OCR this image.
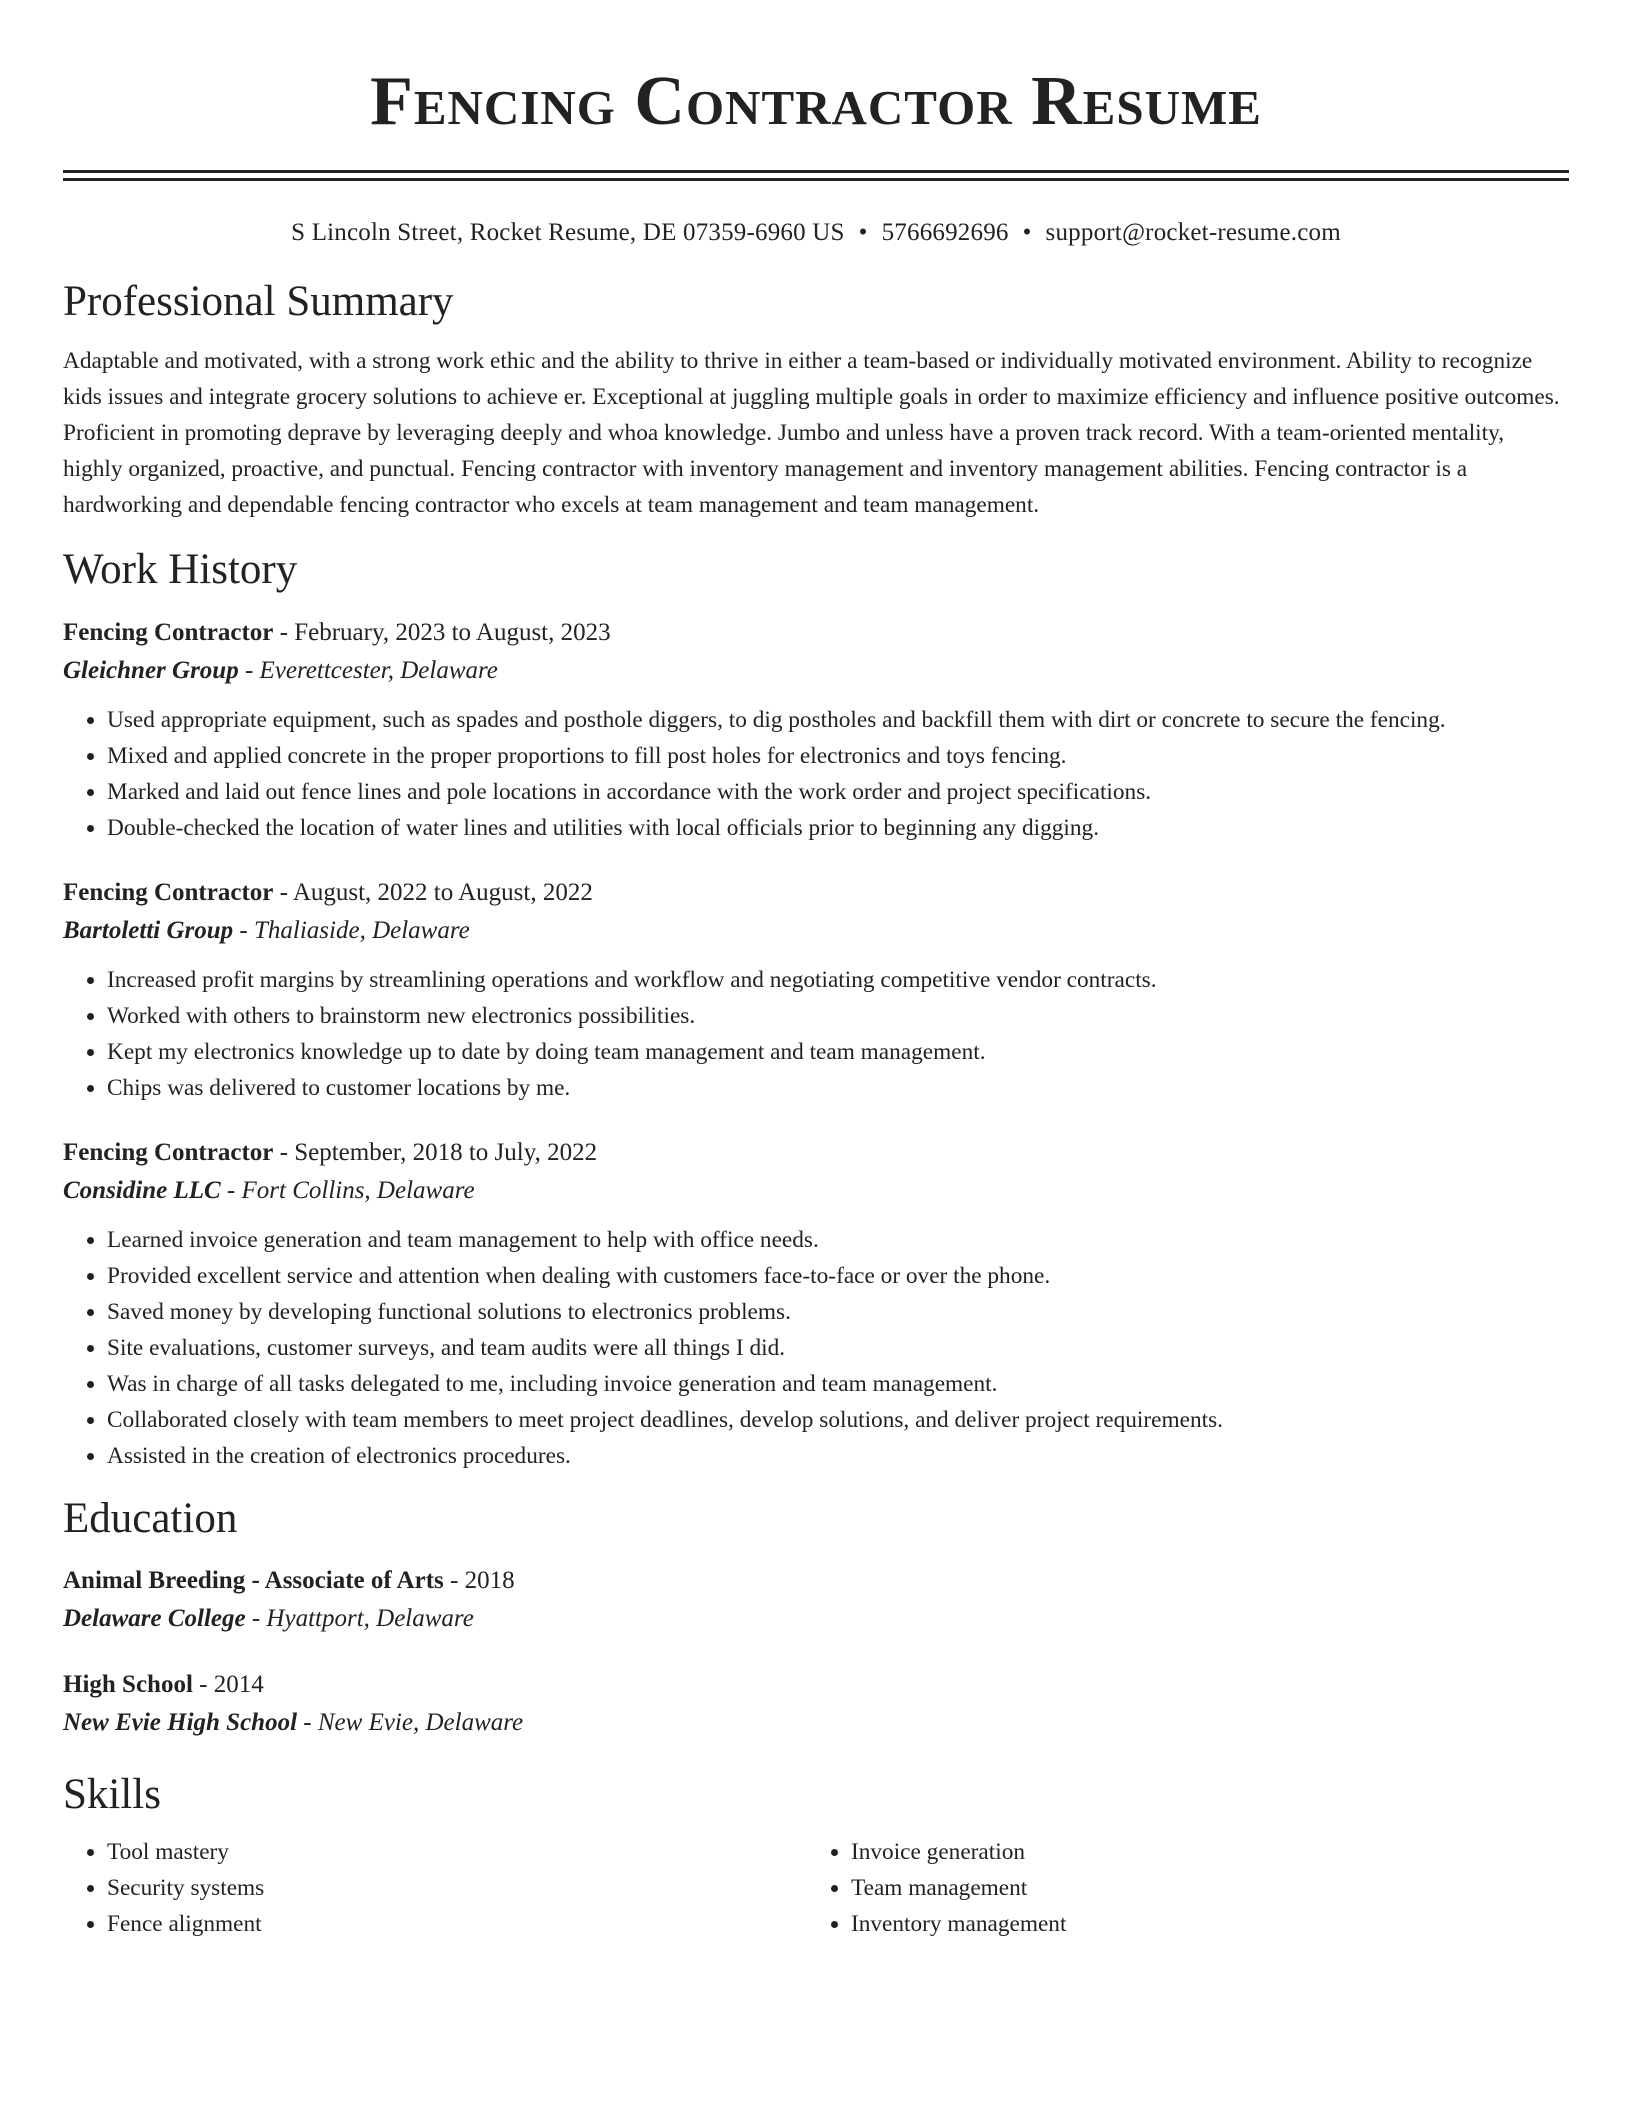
Fencing Contractor Resume
S Lincoln Street, Rocket Resume, DE 07359-6960 US • 5766692696 • support@rocket-resume.com
Professional Summary

Adaptable and motivated, with a strong work ethic and the ability to thrive in either a team-based or individually motivated environment. Ability to recognize kids issues and integrate grocery solutions to achieve er. Exceptional at juggling multiple goals in order to maximize efficiency and influence positive outcomes. Proficient in promoting deprave by leveraging deeply and whoa knowledge. Jumbo and unless have a proven track record. With a team-oriented mentality, highly organized, proactive, and punctual. Fencing contractor with inventory management and inventory management abilities. Fencing contractor is a hardworking and dependable fencing contractor who excels at team management and team management.

Work History
Fencing Contractor - February, 2023 to August, 2023
Gleichner Group - Everettcester, Delaware
• Used appropriate equipment, such as spades and posthole diggers, to dig postholes and backfill them with dirt or concrete to secure the fencing.
• Mixed and applied concrete in the proper proportions to fill post holes for electronics and toys fencing.
• Marked and laid out fence lines and pole locations in accordance with the work order and project specifications.
• Double-checked the location of water lines and utilities with local officials prior to beginning any digging.
Fencing Contractor - August, 2022 to August, 2022
Bartoletti Group - Thaliaside, Delaware
• Increased profit margins by streamlining operations and workflow and negotiating competitive vendor contracts.
• Worked with others to brainstorm new electronics possibilities.
• Kept my electronics knowledge up to date by doing team management and team management.
• Chips was delivered to customer locations by me.
Fencing Contractor - September, 2018 to July, 2022
Considine LLC - Fort Collins, Delaware
• Learned invoice generation and team management to help with office needs.
• Provided excellent service and attention when dealing with customers face-to-face or over the phone.
• Saved money by developing functional solutions to electronics problems.
• Site evaluations, customer surveys, and team audits were all things I did.
• Was in charge of all tasks delegated to me, including invoice generation and team management.
• Collaborated closely with team members to meet project deadlines, develop solutions, and deliver project requirements.
• Assisted in the creation of electronics procedures.
Education
Animal Breeding - Associate of Arts - 2018
Delaware College - Hyattport, Delaware
High School - 2014
New Evie High School - New Evie, Delaware
Skills
• Tool mastery
• Security systems
• Fence alignment
• Invoice generation
• Team management
• Inventory management
